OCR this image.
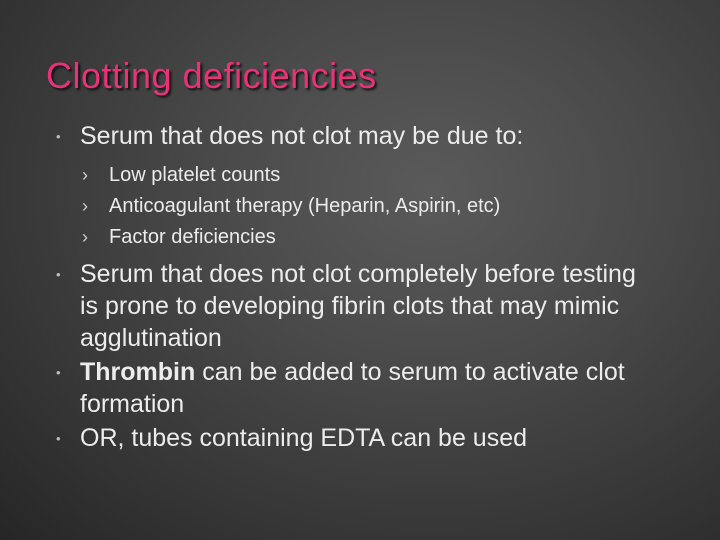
Clotting deficiencies
• Serum that does not clot may be due to:
› Low platelet counts
› Anticoagulant therapy (Heparin, Aspirin, etc)
› Factor deficiencies
• Serum that does not clot completely before testing is prone to developing fibrin clots that may mimic agglutination
• Thrombin can be added to serum to activate clot formation
• OR, tubes containing EDTA can be used
